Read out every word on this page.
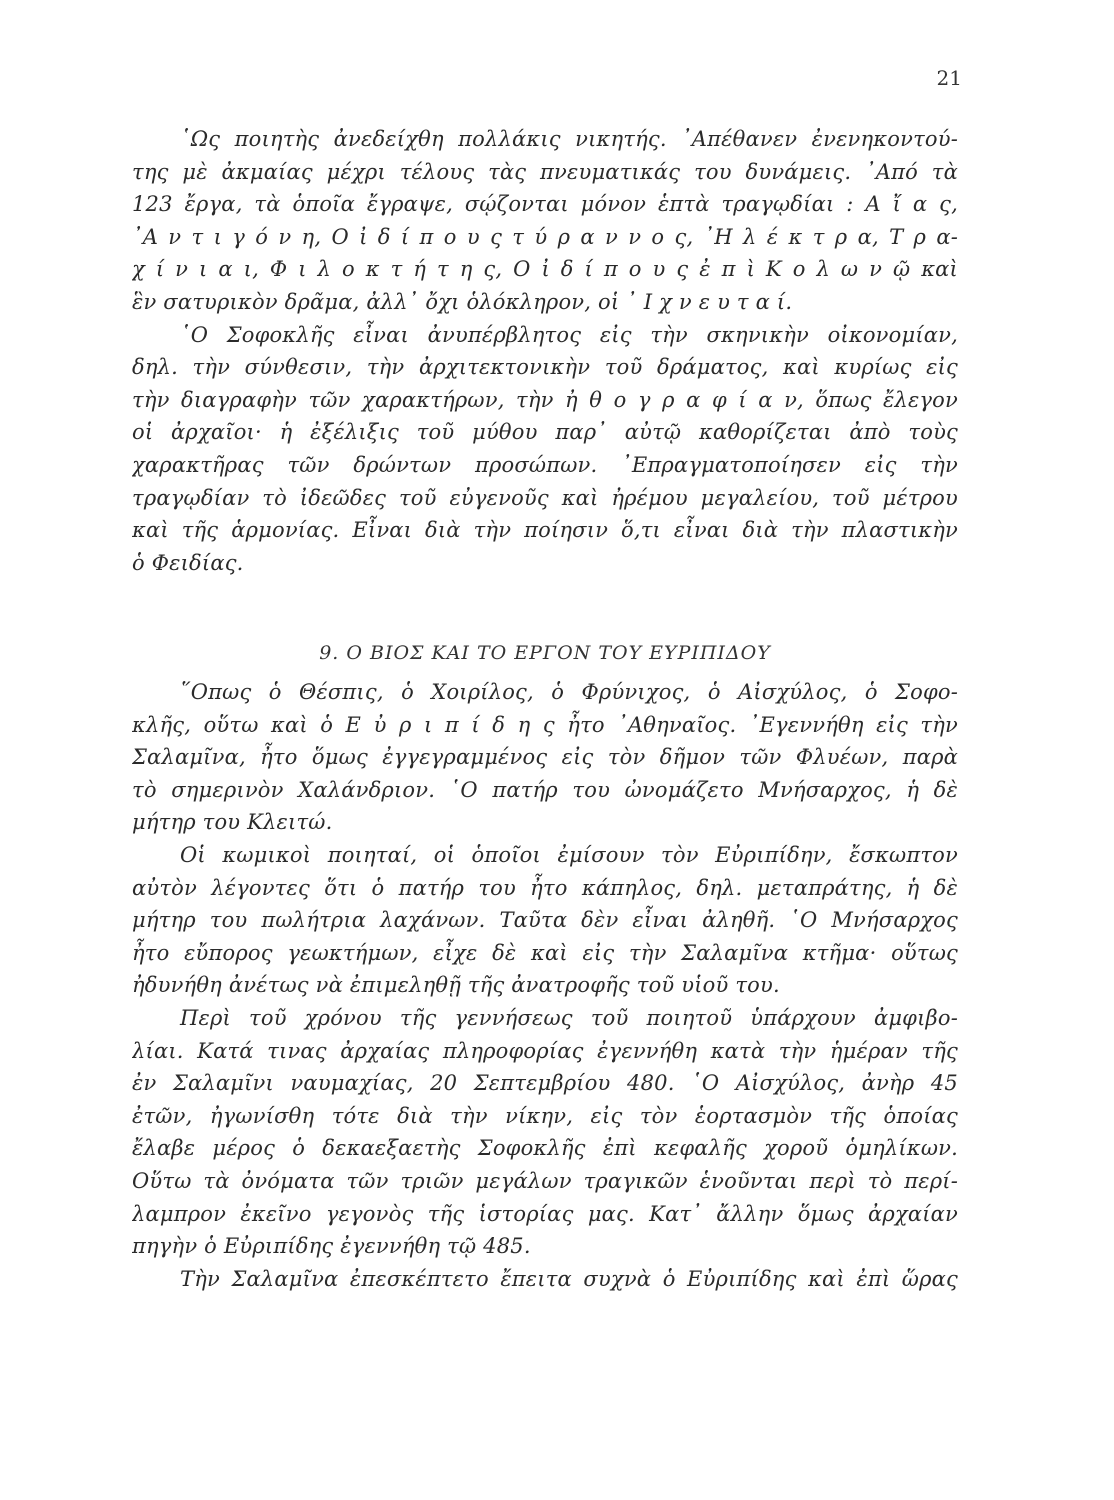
21
῾Ως ποιητὴς ἀνεδείχθη πολλάκις νικητής. ᾿Απέθανεν ἐνενηκοντού-
της μὲ ἀκμαίας μέχρι τέλους τὰς πνευματικάς του δυνάμεις. ᾿Από τὰ
123 ἔργα, τὰ ὁποῖα ἔγραψε, σῴζονται μόνον ἑπτὰ τραγῳδίαι : Α ἴ α ς,
᾿Α ν τ ι γ ό ν η, Ο ἰ δ ί π ο υ ς τ ύ ρ α ν ν ο ς, ᾿Η λ έ κ τ ρ α, Τ ρ α-
χ ί ν ι α ι, Φ ι λ ο κ τ ή τ η ς, Ο ἰ δ ί π ο υ ς ἐ π ὶ Κ ο λ ω ν ῷ καὶ
ἓν σατυρικὸν δρᾶμα, ἀλλ᾿ ὄχι ὁλόκληρον, οἱ ᾿ Ι χ ν ε υ τ α ί.
῾Ο Σοφοκλῆς εἶναι ἀνυπέρβλητος εἰς τὴν σκηνικὴν οἰκονομίαν,
δηλ. τὴν σύνθεσιν, τὴν ἀρχιτεκτονικὴν τοῦ δράματος, καὶ κυρίως εἰς
τὴν διαγραφὴν τῶν χαρακτήρων, τὴν ἠ θ ο γ ρ α φ ί α ν, ὅπως ἔλεγον
οἱ ἀρχαῖοι· ἡ ἐξέλιξις τοῦ μύθου παρ᾿ αὐτῷ καθορίζεται ἀπὸ τοὺς
χαρακτῆρας τῶν δρώντων προσώπων. ᾿Επραγματοποίησεν εἰς τὴν
τραγῳδίαν τὸ ἰδεῶδες τοῦ εὐγενοῦς καὶ ἠρέμου μεγαλείου, τοῦ μέτρου
καὶ τῆς ἁρμονίας. Εἶναι διὰ τὴν ποίησιν ὅ,τι εἶναι διὰ τὴν πλαστικὴν
ὁ Φειδίας.
9. Ο ΒΙΟΣ ΚΑΙ ΤΟ ΕΡΓΟΝ ΤΟΥ ΕΥΡΙΠΙΔΟΥ
῞Οπως ὁ Θέσπις, ὁ Χοιρίλος, ὁ Φρύνιχος, ὁ Αἰσχύλος, ὁ Σοφο-
κλῆς, οὕτω καὶ ὁ Ε ὐ ρ ι π ί δ η ς ἦτο ᾿Αθηναῖος. ᾿Εγεννήθη εἰς τὴν
Σαλαμῖνα, ἦτο ὅμως ἐγγεγραμμένος εἰς τὸν δῆμον τῶν Φλυέων, παρὰ
τὸ σημερινὸν Χαλάνδριον. ῾Ο πατήρ του ὠνομάζετο Μνήσαρχος, ἡ δὲ
μήτηρ του Κλειτώ.
Οἱ κωμικοὶ ποιηταί, οἱ ὁποῖοι ἐμίσουν τὸν Εὐριπίδην, ἔσκωπτον
αὐτὸν λέγοντες ὅτι ὁ πατήρ του ἦτο κάπηλος, δηλ. μεταπράτης, ἡ δὲ
μήτηρ του πωλήτρια λαχάνων. Ταῦτα δὲν εἶναι ἀληθῆ. ῾Ο Μνήσαρχος
ἦτο εὔπορος γεωκτήμων, εἶχε δὲ καὶ εἰς τὴν Σαλαμῖνα κτῆμα· οὕτως
ἠδυνήθη ἀνέτως νὰ ἐπιμεληθῇ τῆς ἀνατροφῆς τοῦ υἱοῦ του.
Περὶ τοῦ χρόνου τῆς γεννήσεως τοῦ ποιητοῦ ὑπάρχουν ἀμφιβο-
λίαι. Κατά τινας ἀρχαίας πληροφορίας ἐγεννήθη κατὰ τὴν ἡμέραν τῆς
ἐν Σαλαμῖνι ναυμαχίας, 20 Σεπτεμβρίου 480. ῾Ο Αἰσχύλος, ἀνὴρ 45
ἐτῶν, ἠγωνίσθη τότε διὰ τὴν νίκην, εἰς τὸν ἑορτασμὸν τῆς ὁποίας
ἔλαβε μέρος ὁ δεκαεξαετὴς Σοφοκλῆς ἐπὶ κεφαλῆς χοροῦ ὁμηλίκων.
Οὕτω τὰ ὀνόματα τῶν τριῶν μεγάλων τραγικῶν ἑνοῦνται περὶ τὸ περί-
λαμπρον ἐκεῖνο γεγονὸς τῆς ἱστορίας μας. Κατ᾿ ἄλλην ὅμως ἀρχαίαν
πηγὴν ὁ Εὐριπίδης ἐγεννήθη τῷ 485.
Τὴν Σαλαμῖνα ἐπεσκέπτετο ἔπειτα συχνὰ ὁ Εὐριπίδης καὶ ἐπὶ ὥρας
